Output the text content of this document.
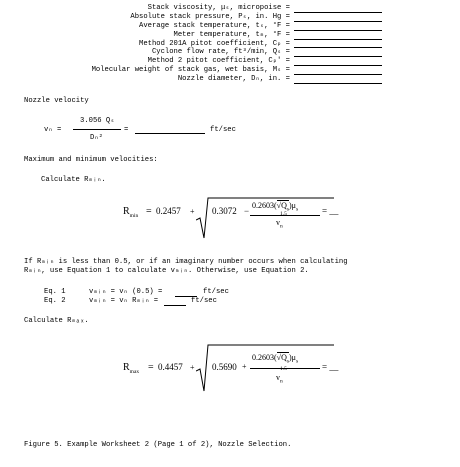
Stack viscosity, μₛ, micropoise =
Absolute stack pressure, Pₛ, in. Hg =
Average stack temperature, tₛ, °F =
Meter temperature, tₘ, °F =
Method 201A pitot coefficient, Cₚ =
Cyclone flow rate, ft³/min, Qₛ =
Method 2 pitot coefficient, Cₚ' =
Molecular weight of stack gas, wet basis, Mₛ =
Nozzle diameter, Dₙ, in. =
Nozzle velocity
vₙ =
3.056 Qₛ
Dₙ²
=	ft/sec
Maximum and minimum velocities:
Calculate Rₘᵢₙ.
$R_{min} = 0.2457 + 0.3072$ −
$0.2603(√Q_s)\mu_s$
$v_n$
1.5	= __
If Rₘᵢₙ is less than 0.5, or if an imaginary number occurs when calculating
Rₘᵢₙ, use Equation 1 to calculate vₘᵢₙ. Otherwise, use Equation 2.
Eq. 1	vₘᵢₙ = vₙ (0.5) =	ft/sec
Eq. 2	vₘᵢₙ = vₙ Rₘᵢₙ =	ft/sec
Calculate Rₘₐₓ.
$R_{max} = 0.4457 + 0.5690$ +
$0.2603(√Q_s)\mu_s$
$v_n$
1.5	= __
Figure 5. Example Worksheet 2 (Page 1 of 2), Nozzle Selection.
